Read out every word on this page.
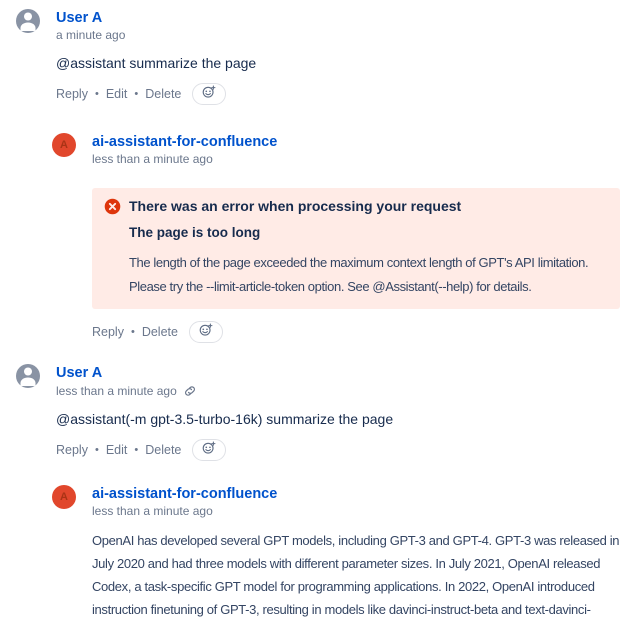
User A
a minute ago
@assistant summarize the page
Reply • Edit • Delete
A ai-assistant-for-confluence
less than a minute ago
There was an error when processing your request
The page is too long
The length of the page exceeded the maximum context length of GPT's API limitation. Please try the --limit-article-token option. See @Assistant(--help) for details.
Reply • Delete
User A
less than a minute ago
@assistant(-m gpt-3.5-turbo-16k) summarize the page
Reply • Edit • Delete
A ai-assistant-for-confluence
less than a minute ago
OpenAI has developed several GPT models, including GPT-3 and GPT-4. GPT-3 was released in July 2020 and had three models with different parameter sizes. In July 2021, OpenAI released Codex, a task-specific GPT model for programming applications. In 2022, OpenAI introduced instruction finetuning of GPT-3, resulting in models like davinci-instruct-beta and text-davinci-
